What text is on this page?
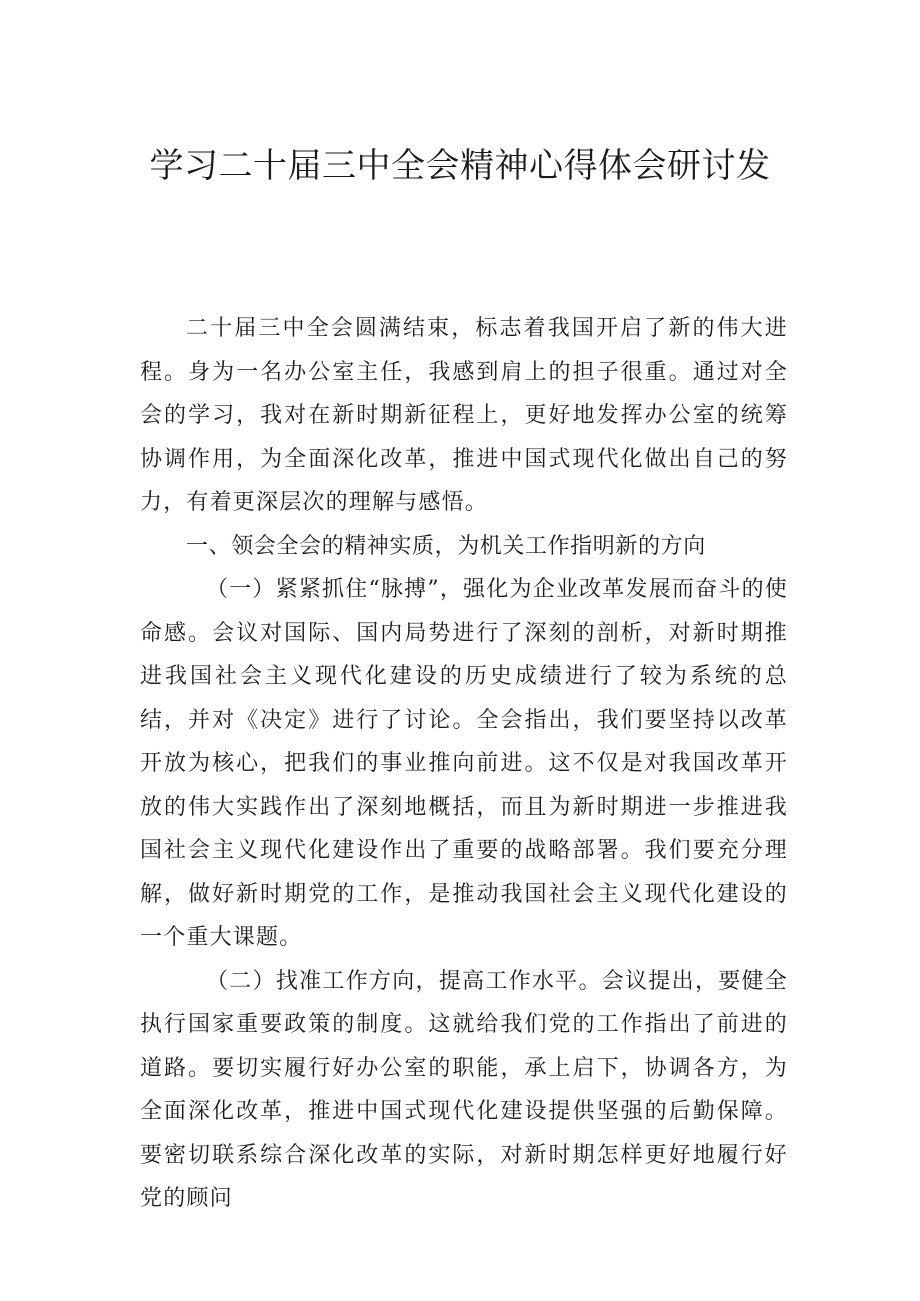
学习二十届三中全会精神心得体会研讨发

二十届三中全会圆满结束，标志着我国开启了新的伟大进程。身为一名办公室主任，我感到肩上的担子很重。通过对全会的学习，我对在新时期新征程上，更好地发挥办公室的统筹协调作用，为全面深化改革，推进中国式现代化做出自己的努力，有着更深层次的理解与感悟。

一、领会全会的精神实质，为机关工作指明新的方向

（一）紧紧抓住“脉搏”，强化为企业改革发展而奋斗的使命感。会议对国际、国内局势进行了深刻的剖析，对新时期推进我国社会主义现代化建设的历史成绩进行了较为系统的总结，并对《决定》进行了讨论。全会指出，我们要坚持以改革开放为核心，把我们的事业推向前进。这不仅是对我国改革开放的伟大实践作出了深刻地概括，而且为新时期进一步推进我国社会主义现代化建设作出了重要的战略部署。我们要充分理解，做好新时期党的工作，是推动我国社会主义现代化建设的一个重大课题。

（二）找准工作方向，提高工作水平。会议提出，要健全执行国家重要政策的制度。这就给我们党的工作指出了前进的道路。要切实履行好办公室的职能，承上启下，协调各方，为全面深化改革，推进中国式现代化建设提供坚强的后勤保障。要密切联系综合深化改革的实际，对新时期怎样更好地履行好党的顾问
